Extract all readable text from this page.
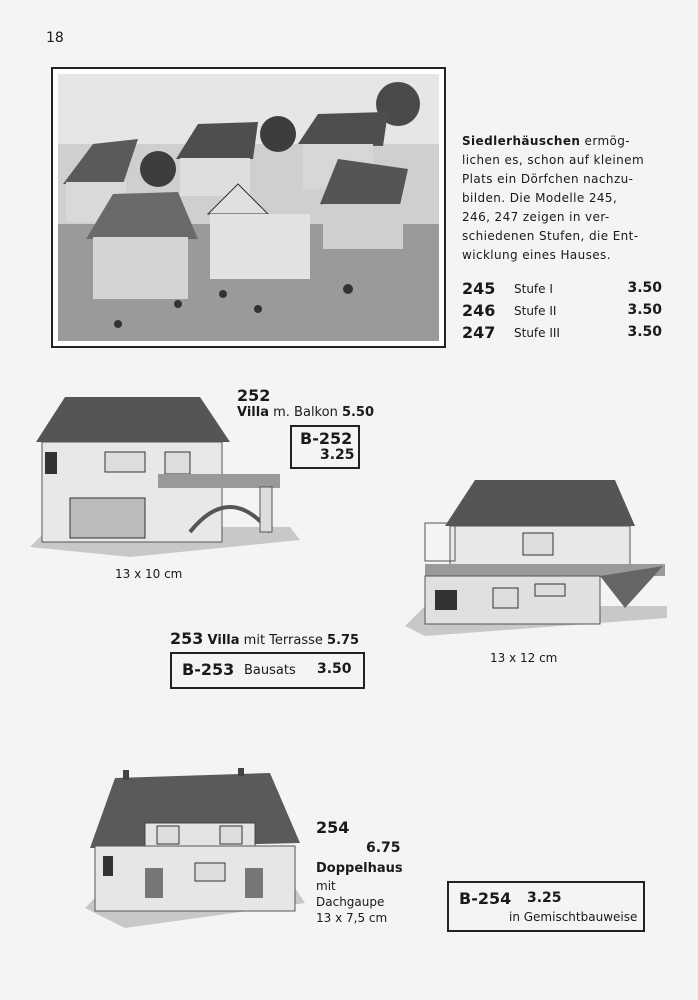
18
Siedlerhäuschen ermög-
lichen es, schon auf kleinem
Plats ein Dörfchen nachzu-
bilden. Die Modelle 245,
246, 247 zeigen in ver-
schiedenen Stufen, die Ent-
wicklung eines Hauses.
245 Stufe I	3.50
246 Stufe II	3.50
247 Stufe III	3.50
252
Villa m. Balkon 5.50
B-252
3.25
13 x 10 cm
13 x 12 cm
253 Villa mit Terrasse 5.75
B-253 Bausats 3.50
254
6.75
Doppelhaus
mit
Dachgaupe
13 x 7,5 cm
B-254 3.25
in Gemischtbauweise
